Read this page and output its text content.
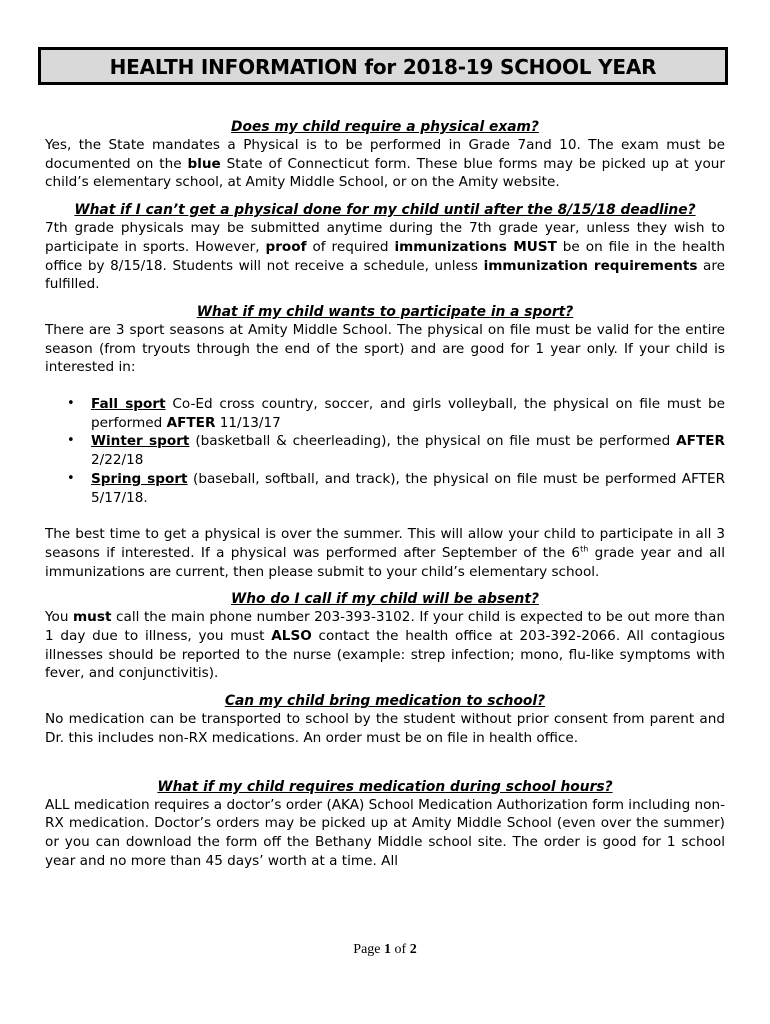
HEALTH INFORMATION for 2018-19 SCHOOL YEAR
Does my child require a physical exam?

Yes, the State mandates a Physical is to be performed in Grade 7and 10. The exam must be documented on the blue State of Connecticut form. These blue forms may be picked up at your child’s elementary school, at Amity Middle School, or on the Amity website.

What if I can’t get a physical done for my child until after the 8/15/18 deadline?

7th grade physicals may be submitted anytime during the 7th grade year, unless they wish to participate in sports. However, proof of required immunizations MUST be on file in the health office by 8/15/18. Students will not receive a schedule, unless immunization requirements are fulfilled.

What if my child wants to participate in a sport?

There are 3 sport seasons at Amity Middle School. The physical on file must be valid for the entire season (from tryouts through the end of the sport) and are good for 1 year only. If your child is interested in:

• Fall sport Co-Ed cross country, soccer, and girls volleyball, the physical on file must be performed AFTER 11/13/17
• Winter sport (basketball & cheerleading), the physical on file must be performed AFTER 2/22/18
• Spring sport (baseball, softball, and track), the physical on file must be performed AFTER 5/17/18.

The best time to get a physical is over the summer. This will allow your child to participate in all 3 seasons if interested. If a physical was performed after September of the 6th grade year and all immunizations are current, then please submit to your child’s elementary school.

Who do I call if my child will be absent?

You must call the main phone number 203-393-3102. If your child is expected to be out more than 1 day due to illness, you must ALSO contact the health office at 203-392-2066. All contagious illnesses should be reported to the nurse (example: strep infection; mono, flu-like symptoms with fever, and conjunctivitis).

Can my child bring medication to school?

No medication can be transported to school by the student without prior consent from parent and Dr. this includes non-RX medications. An order must be on file in health office.

What if my child requires medication during school hours?

ALL medication requires a doctor’s order (AKA) School Medication Authorization form including non-RX medication. Doctor’s orders may be picked up at Amity Middle School (even over the summer) or you can download the form off the Bethany Middle school site. The order is good for 1 school year and no more than 45 days’ worth at a time. All

Page 1 of 2
